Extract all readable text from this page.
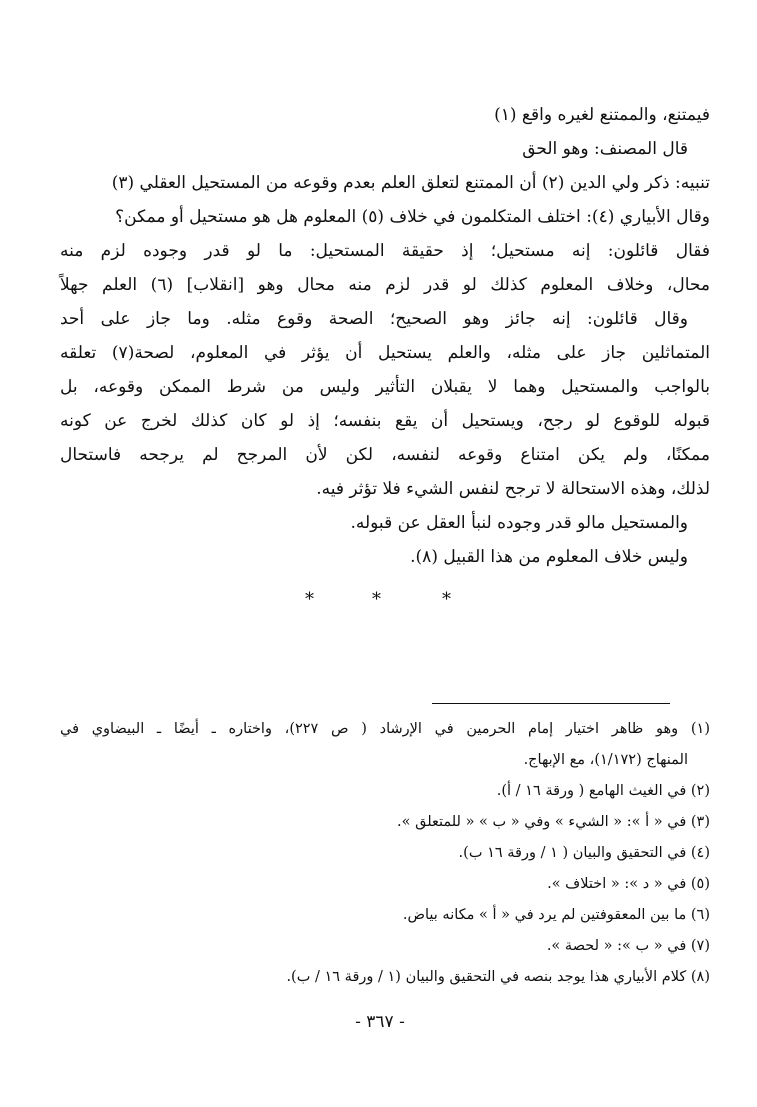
فيمتنع، والممتنع لغيره واقع (١)
قال المصنف: وهو الحق
تنبيه: ذكر ولي الدين (٢) أن الممتنع لتعلق العلم بعدم وقوعه من المستحيل العقلي (٣)
وقال الأبياري (٤): اختلف المتكلمون في خلاف (٥) المعلوم هل هو مستحيل أو ممكن؟
فقال قائلون: إنه مستحيل؛ إذ حقيقة المستحيل: ما لو قدر وجوده لزم منه
محال، وخلاف المعلوم كذلك لو قدر لزم منه محال وهو [انقلاب] (٦) العلم جهلاً
وقال قائلون: إنه جائز وهو الصحيح؛ الصحة وقوع مثله. وما جاز على أحد
المتماثلين جاز على مثله، والعلم يستحيل أن يؤثر في المعلوم، لصحة(٧) تعلقه
بالواجب والمستحيل وهما لا يقبلان التأثير وليس من شرط الممكن وقوعه، بل
قبوله للوقوع لو رجح، ويستحيل أن يقع بنفسه؛ إذ لو كان كذلك لخرج عن كونه
ممكنًا، ولم يكن امتناع وقوعه لنفسه، لكن لأن المرجح لم يرجحه فاستحال
لذلك، وهذه الاستحالة لا ترجح لنفس الشيء فلا تؤثر فيه.
والمستحيل مالو قدر وجوده لنبأ العقل عن قبوله.
وليس خلاف المعلوم من هذا القبيل (٨).
*	*	*
(١) وهو ظاهر اختيار إمام الحرمين في الإرشاد ( ص ٢٢٧)، واختاره ـ أيضًا ـ البيضاوي في
المنهاج (١/١٧٢)، مع الإبهاج.
(٢) في الغيث الهامع ( ورقة ١٦ / أ).
(٣) في « أ »: « الشيء » وفي « ب » « للمتعلق ».
(٤) في التحقيق والبيان ( ١ / ورقة ١٦ ب).
(٥) في « د »: « اختلاف ».
(٦) ما بين المعقوفتين لم يرد في « أ » مكانه بياض.
(٧) في « ب »: « لحصة ».
(٨) كلام الأبياري هذا يوجد بنصه في التحقيق والبيان (١ / ورقة ١٦ / ب).
- ٣٦٧ -
